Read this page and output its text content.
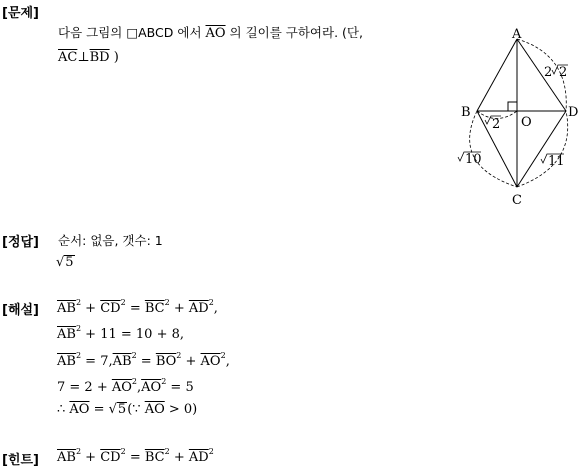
[문제]
다음 그림의 □ABCD 에서 $\overline{AO}$ 의 길이를 구하여라. (단,
$\overline{AC}\perp\overline{BD}$ )
A
B	D
C
O
2 2
2
10	11
[정답] 순서: 없음, 갯수: 1
√5
[해설] $\overline{AB}^2 + \overline{CD}^2 = \overline{BC}^2 + \overline{AD}^2$,
$\overline{AB}^2 + 11 = 10 + 8$,
$\overline{AB}^2 = 7,\overline{AB}^2 = \overline{BO}^2 + \overline{AO}^2$,
$7 = 2 + \overline{AO}^2,\overline{AO}^2 = 5$
∴ $\overline{AO}$ = √5(∵ $\overline{AO} > 0$)
[힌트] $\overline{AB}^2 + \overline{CD}^2 = \overline{BC}^2 + \overline{AD}^2$
